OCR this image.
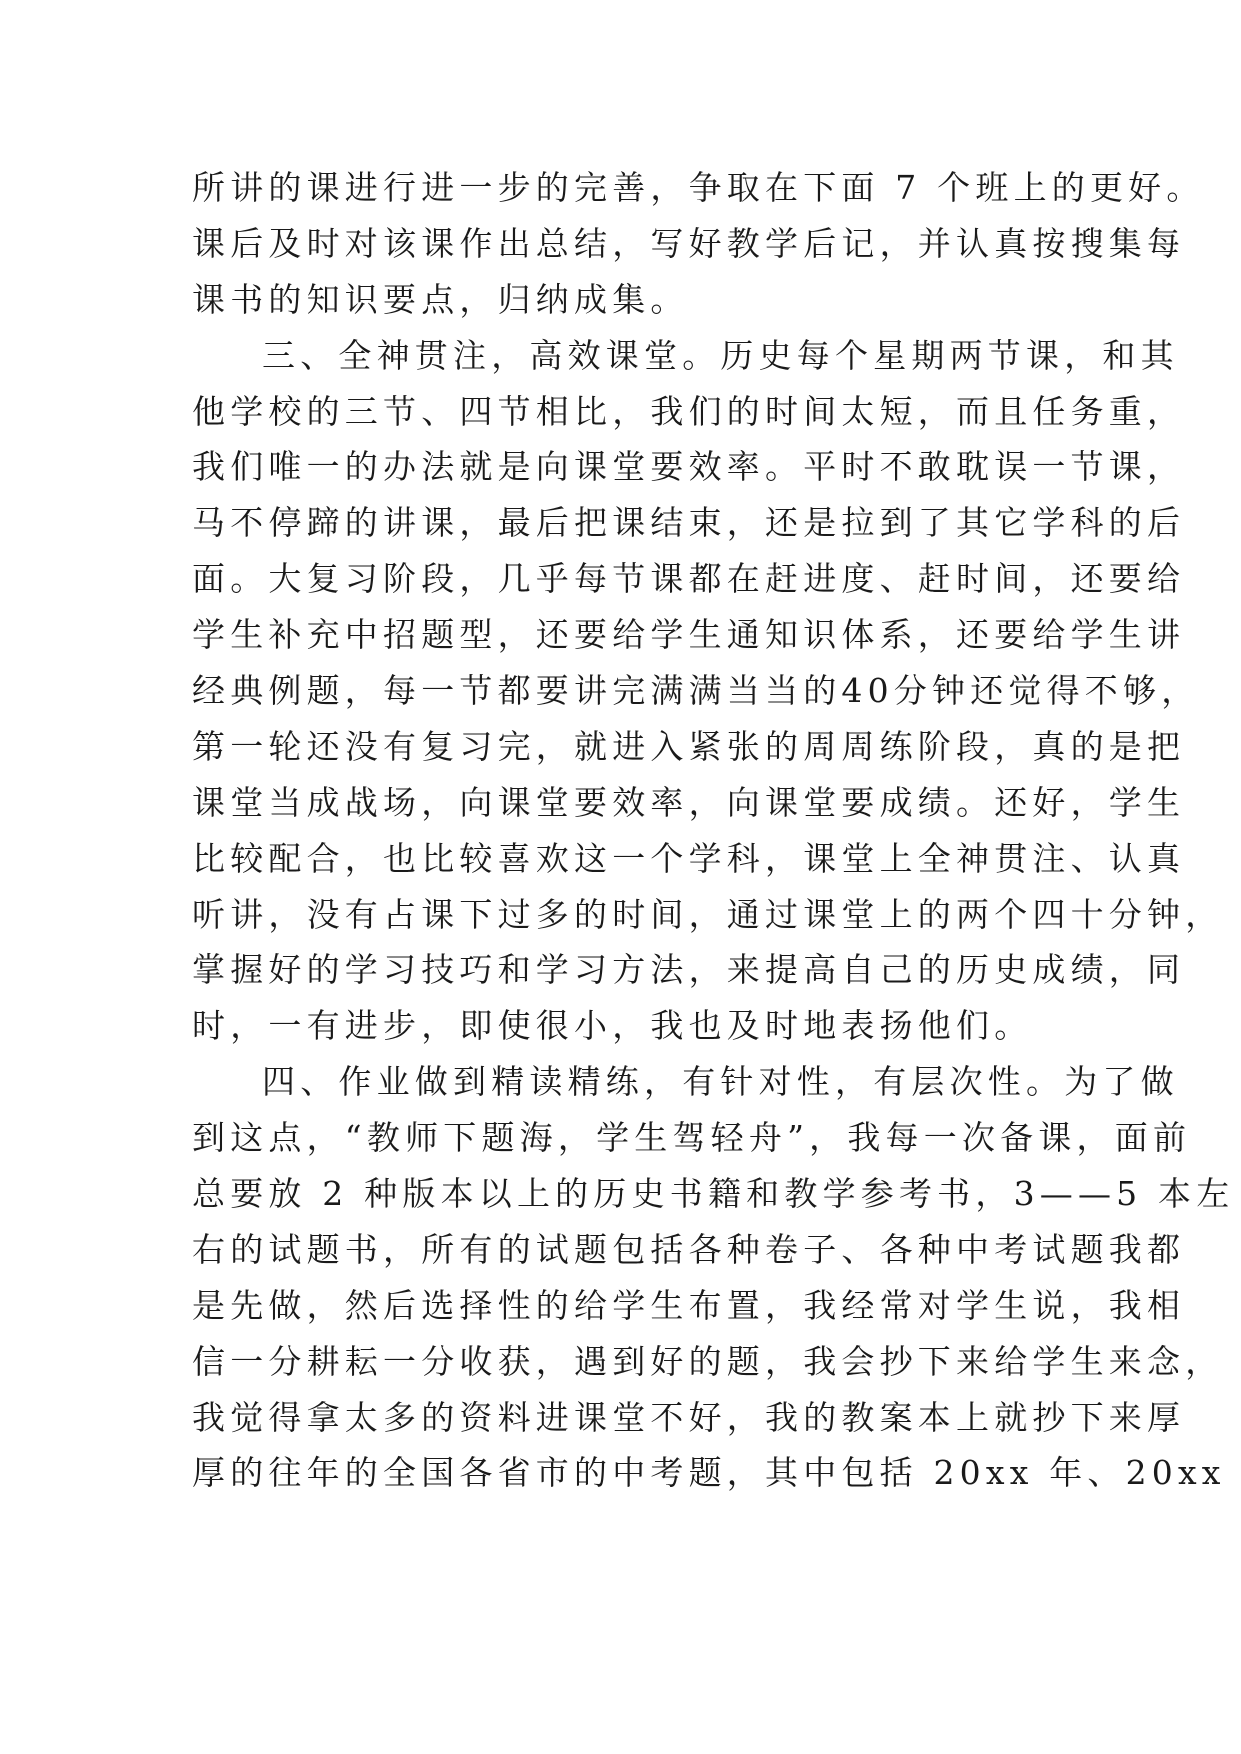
所讲的课进行进一步的完善，争取在下面 7 个班上的更好。
课后及时对该课作出总结，写好教学后记，并认真按搜集每
课书的知识要点，归纳成集。
三、全神贯注，高效课堂。历史每个星期两节课，和其
他学校的三节、四节相比，我们的时间太短，而且任务重，
我们唯一的办法就是向课堂要效率。平时不敢耽误一节课，
马不停蹄的讲课，最后把课结束，还是拉到了其它学科的后
面。大复习阶段，几乎每节课都在赶进度、赶时间，还要给
学生补充中招题型，还要给学生通知识体系，还要给学生讲
经典例题，每一节都要讲完满满当当的40分钟还觉得不够，
第一轮还没有复习完，就进入紧张的周周练阶段，真的是把
课堂当成战场，向课堂要效率，向课堂要成绩。还好，学生
比较配合，也比较喜欢这一个学科，课堂上全神贯注、认真
听讲，没有占课下过多的时间，通过课堂上的两个四十分钟，
掌握好的学习技巧和学习方法，来提高自己的历史成绩，同
时，一有进步，即使很小，我也及时地表扬他们。
四、作业做到精读精练，有针对性，有层次性。为了做
到这点，“教师下题海，学生驾轻舟”，我每一次备课，面前
总要放 2 种版本以上的历史书籍和教学参考书，3——5 本左
右的试题书，所有的试题包括各种卷子、各种中考试题我都
是先做，然后选择性的给学生布置，我经常对学生说，我相
信一分耕耘一分收获，遇到好的题，我会抄下来给学生来念，
我觉得拿太多的资料进课堂不好，我的教案本上就抄下来厚
厚的往年的全国各省市的中考题，其中包括 20xx 年、20xx
